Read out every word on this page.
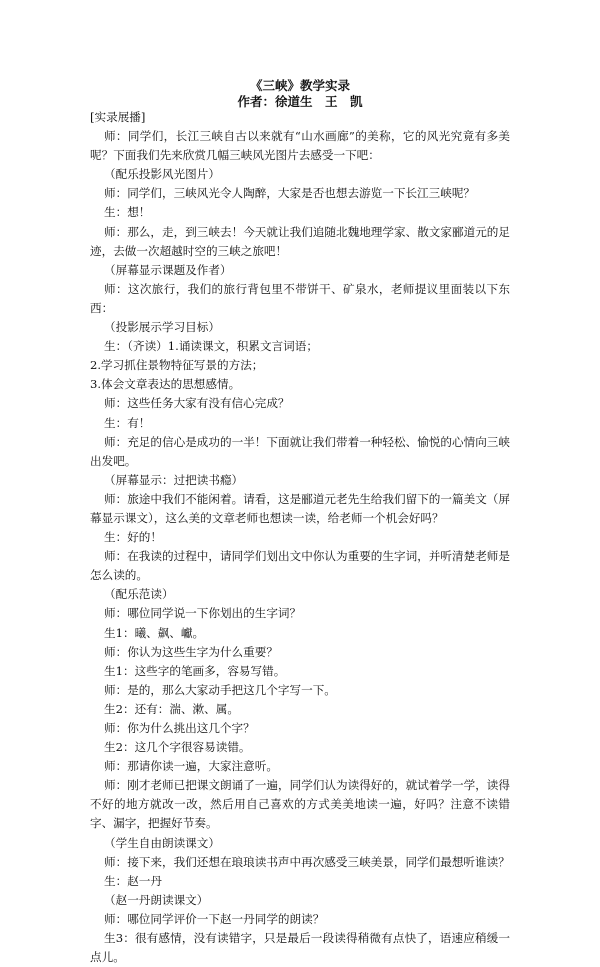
《三峡》教学实录
作者：徐道生　王　凯

[实录展播]

师：同学们，长江三峡自古以来就有“山水画廊”的美称，它的风光究竟有多美呢？下面我们先来欣赏几幅三峡风光图片去感受一下吧：

（配乐投影风光图片）

师：同学们，三峡风光令人陶醉，大家是否也想去游览一下长江三峡呢？

生：想！

师：那么，走，到三峡去！今天就让我们追随北魏地理学家、散文家郦道元的足迹，去做一次超越时空的三峡之旅吧！

（屏幕显示课题及作者）

师：这次旅行，我们的旅行背包里不带饼干、矿泉水，老师提议里面装以下东西：

（投影展示学习目标）

生：（齐读）1.诵读课文，积累文言词语；

2.学习抓住景物特征写景的方法；

3.体会文章表达的思想感情。

师：这些任务大家有没有信心完成？

生：有！

师：充足的信心是成功的一半！下面就让我们带着一种轻松、愉悦的心情向三峡出发吧。

（屏幕显示：过把读书瘾）

师：旅途中我们不能闲着。请看，这是郦道元老先生给我们留下的一篇美文（屏幕显示课文），这么美的文章老师也想读一读，给老师一个机会好吗？

生：好的！

师：在我读的过程中，请同学们划出文中你认为重要的生字词，并听清楚老师是怎么读的。

（配乐范读）

师：哪位同学说一下你划出的生字词？

生1：曦、飙、巘。

师：你认为这些生字为什么重要？

生1：这些字的笔画多，容易写错。

师：是的，那么大家动手把这几个字写一下。

生2：还有：湍、漱、属。

师：你为什么挑出这几个字？

生2：这几个字很容易读错。

师：那请你读一遍，大家注意听。

师：刚才老师已把课文朗诵了一遍，同学们认为读得好的，就试着学一学，读得不好的地方就改一改，然后用自己喜欢的方式美美地读一遍，好吗？注意不读错字、漏字，把握好节奏。

（学生自由朗读课文）

师：接下来，我们还想在琅琅读书声中再次感受三峡美景，同学们最想听谁读？

生：赵一丹

（赵一丹朗读课文）

师：哪位同学评价一下赵一丹同学的朗读？

生3：很有感情，没有读错字，只是最后一段读得稍微有点快了，语速应稍缓一点儿。
